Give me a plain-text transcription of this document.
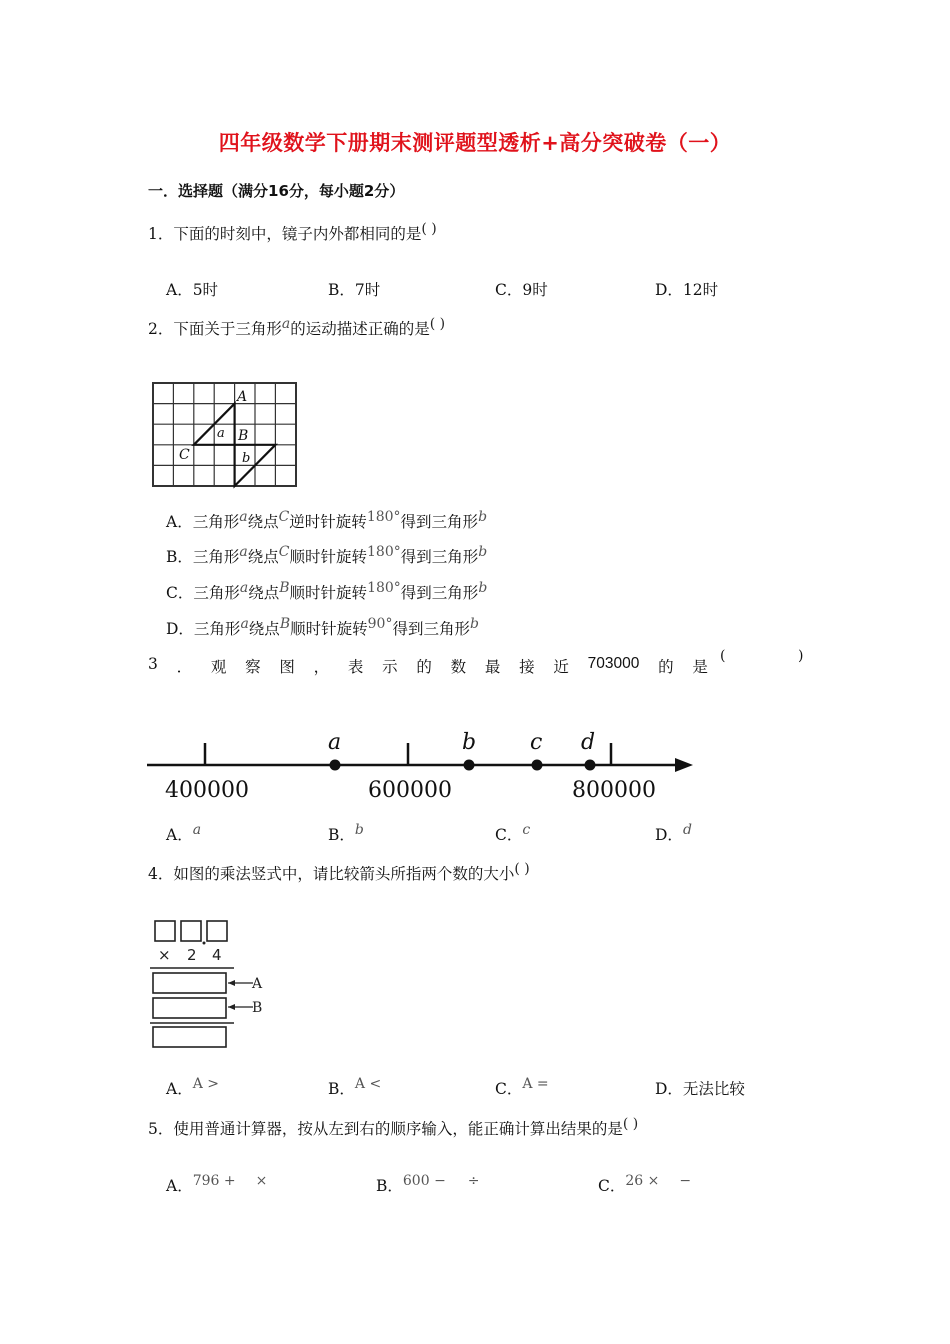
四年级数学下册期末测评题型透析+高分突破卷（一）
一．选择题（满分16分，每小题2分）
1．下面的时刻中，镜子内外都相同的是( )
A．5时	B．7时	C．9时	D．12时
2．下面关于三角形a的运动描述正确的是( )
A
B
C
a
b
A．三角形a绕点C逆时针旋转180°得到三角形b
B．三角形a绕点C顺时针旋转180°得到三角形b
C．三角形a绕点B顺时针旋转180°得到三角形b
D．三角形a绕点B顺时针旋转90°得到三角形b
3 ． 观 察 图 ， 表 示 的 数 最 接 近 703000 的 是
(	)
a	b c d
400000	600000	800000
A．a	B．b	C．c	D．d
4．如图的乘法竖式中，请比较箭头所指两个数的大小( )
× 2 4
A
B
A．A >	B．A <	C．A =	D．无法比较
5．使用普通计算器，按从左到右的顺序输入，能正确计算出结果的是( )
A．796 + ×	B．600 − ÷	C．26 × −
